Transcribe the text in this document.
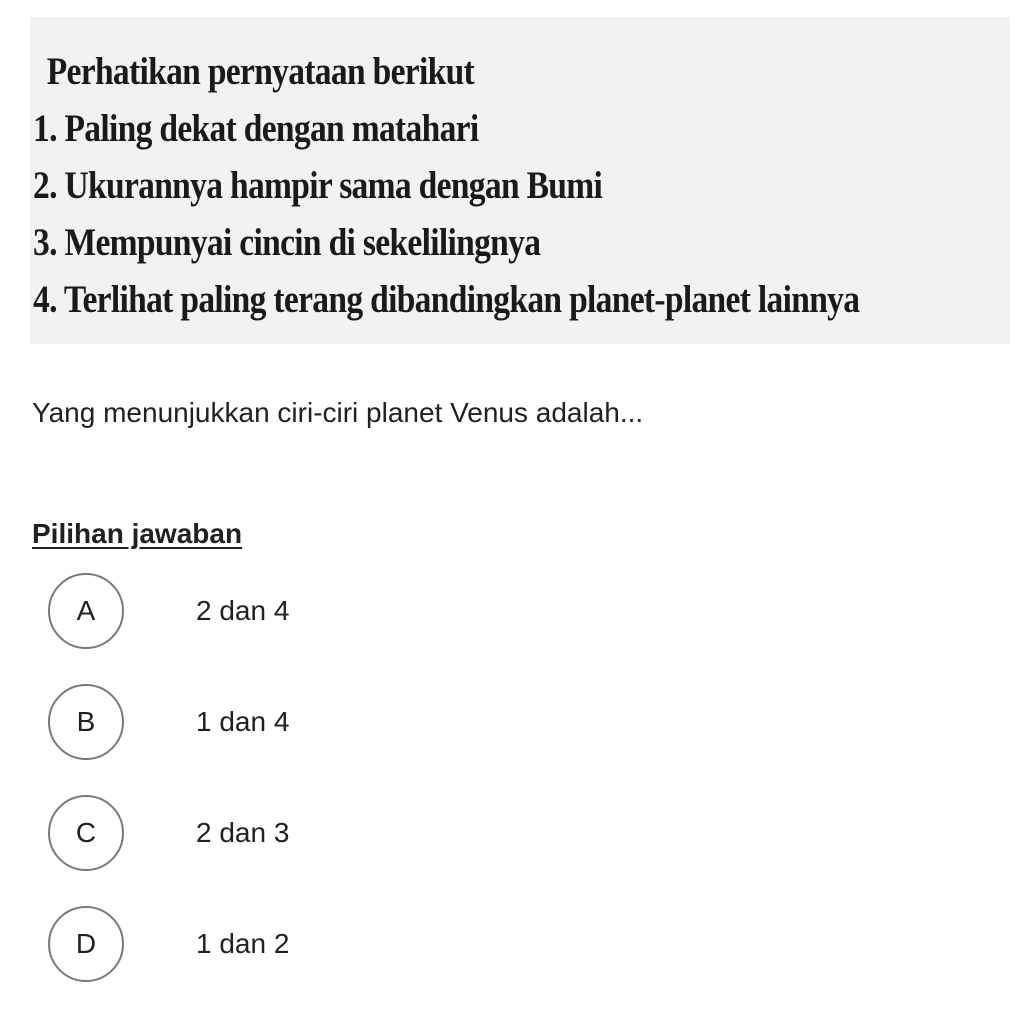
Perhatikan pernyataan berikut
1. Paling dekat dengan matahari
2. Ukurannya hampir sama dengan Bumi
3. Mempunyai cincin di sekelilingnya
4. Terlihat paling terang dibandingkan planet-planet lainnya
Yang menunjukkan ciri-ciri planet Venus adalah...
Pilihan jawaban
A	2 dan 4
B	1 dan 4
C	2 dan 3
D	1 dan 2
